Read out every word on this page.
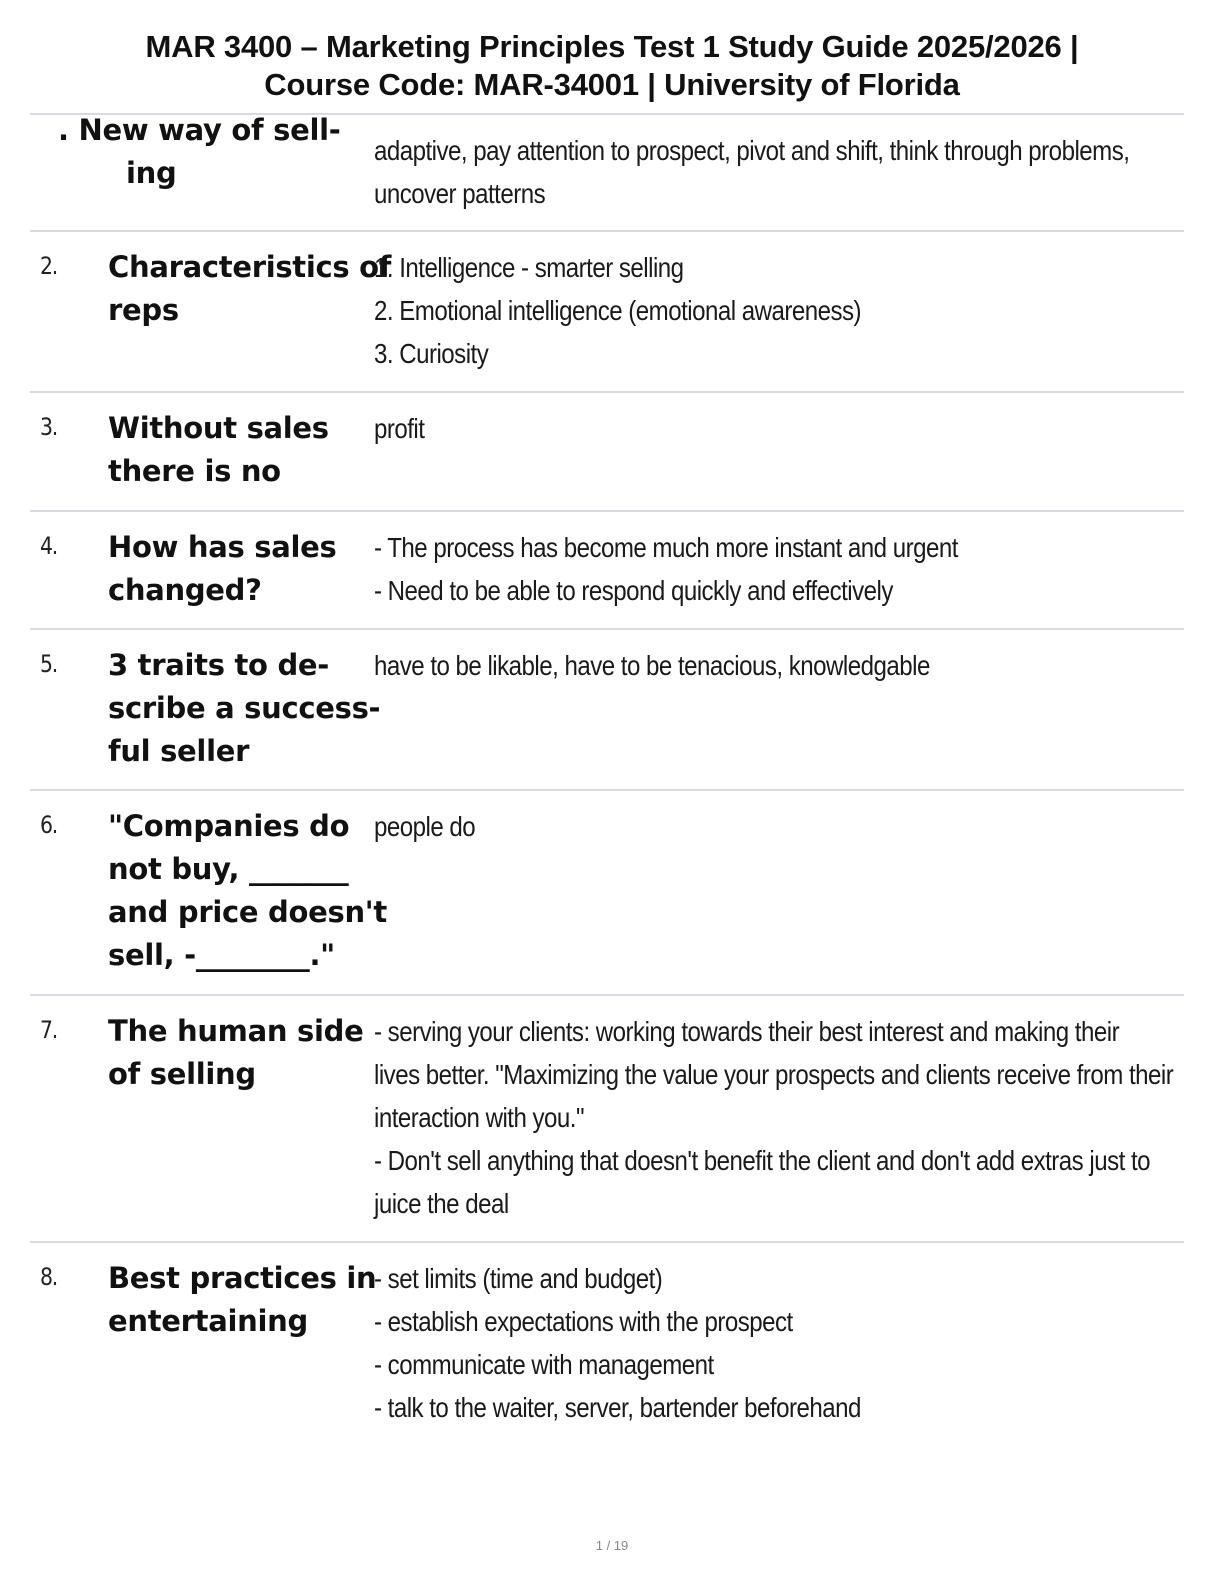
MAR 3400 – Marketing Principles Test 1 Study Guide 2025/2026 |
Course Code: MAR-34001 | University of Florida
. New way of sell-
ing
adaptive, pay attention to prospect, pivot and shift, think through problems,
uncover patterns
2. Characteristics of
reps
1. Intelligence - smarter selling
2. Emotional intelligence (emotional awareness)
3. Curiosity
3. Without sales
there is no
profit
4. How has sales
changed?
- The process has become much more instant and urgent
- Need to be able to respond quickly and effectively
5. 3 traits to de-
scribe a success-
ful seller
have to be likable, have to be tenacious, knowledgable
6. "Companies do
not buy, _______
and price doesn't
sell, -________."
people do
7. The human side
of selling
- serving your clients: working towards their best interest and making their
lives better. "Maximizing the value your prospects and clients receive from their
interaction with you."
- Don't sell anything that doesn't benefit the client and don't add extras just to
juice the deal
8. Best practices in
entertaining
- set limits (time and budget)
- establish expectations with the prospect
- communicate with management
- talk to the waiter, server, bartender beforehand
1 / 19
